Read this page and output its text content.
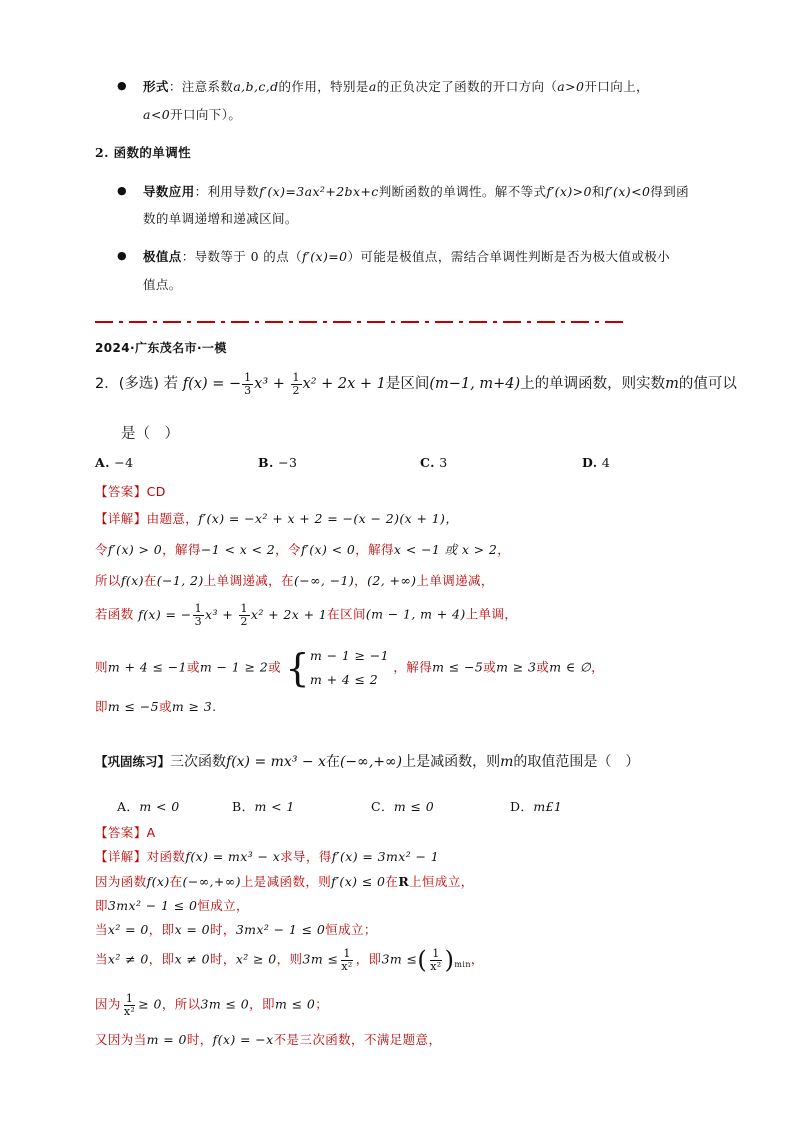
● 形式：注意系数a,b,c,d的作用，特别是a的正负决定了函数的开口方向（a>0开口向上，
a<0开口向下）。
2. 函数的单调性
● 导数应用：利用导数f′(x)=3ax²+2bx+c判断函数的单调性。解不等式f′(x)>0和f′(x)<0得到函
数的单调递增和递减区间。
● 极值点：导数等于 0 的点（f′(x)=0）可能是极值点，需结合单调性判断是否为极大值或极小
值点。
2024·广东茂名市·一模
2．(多选) 若 f(x) = − $\frac{1}{3} x^3 + \frac{1}{2} x^2 + 2x + 1$是区间(m−1, m+4)上的单调函数，则实数m的值可以
是（　）
A. −4	B. −3	C. 3	D. 4
【答案】CD
【详解】由题意，f′(x) = −x² + x + 2 = −(x − 2)(x + 1)，
令f′(x) > 0，解得−1 < x < 2，令f′(x) < 0，解得x < −1 或 x > 2，
所以f(x)在(−1, 2)上单调递减，在(−∞, −1)，(2, +∞)上单调递减，
若函数 f(x) = − $\frac{1}{3} x^3 + \frac{1}{2} x^2 + 2x + 1$在区间(m − 1, m + 4)上单调，
则m + 4 ≤ −1或m − 1 ≥ 2或 { m − 1 ≥ −1
m + 4 ≤ 2
，解得m ≤ −5或m ≥ 3或m ∈ ∅，
即m ≤ −5或m ≥ 3.
【巩固练习】三次函数f(x) = mx³ − x在(−∞,+∞)上是减函数，则m的取值范围是（　）
A．m < 0	B．m < 1	C．m ≤ 0	D．m£1
【答案】A
【详解】对函数f(x) = mx³ − x求导，得f′(x) = 3mx² − 1
因为函数f(x)在(−∞,+∞)上是减函数，则f′(x) ≤ 0在R上恒成立，
即3mx² − 1 ≤ 0恒成立，
当x² = 0，即x = 0时，3mx² − 1 ≤ 0恒成立；
当x² ≠ 0，即x ≠ 0时，x² ≥ 0，则$3m \le \frac{1}{\text{x²}}$ ，即3m ≤( $\frac{1}{\text{x²}} )_{min}$，
因为 $\frac{1}{\text{x²}} \ge 0$，所以3m ≤ 0，即m ≤ 0；
又因为当m = 0时，f(x) = −x不是三次函数，不满足题意，
